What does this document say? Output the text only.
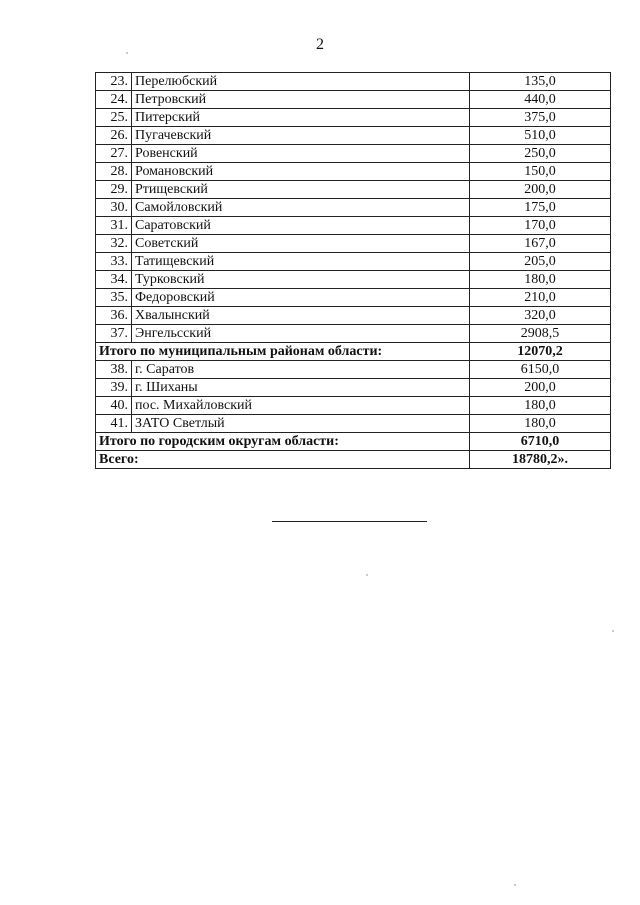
2
23.	Перелюбский	135,0
24.	Петровский	440,0
25.	Питерский	375,0
26.	Пугачевский	510,0
27.	Ровенский	250,0
28.	Романовский	150,0
29.	Ртищевский	200,0
30.	Самойловский	175,0
31.	Саратовский	170,0
32.	Советский	167,0
33.	Татищевский	205,0
34.	Турковский	180,0
35.	Федоровский	210,0
36.	Хвалынский	320,0
37.	Энгельсский	2908,5
Итого по муниципальным районам области:		12070,2
38.	г. Саратов	6150,0
39.	г. Шиханы	200,0
40.	пос. Михайловский	180,0
41.	ЗАТО Светлый	180,0
Итого по городским округам области:		6710,0
Всего:		18780,2».
